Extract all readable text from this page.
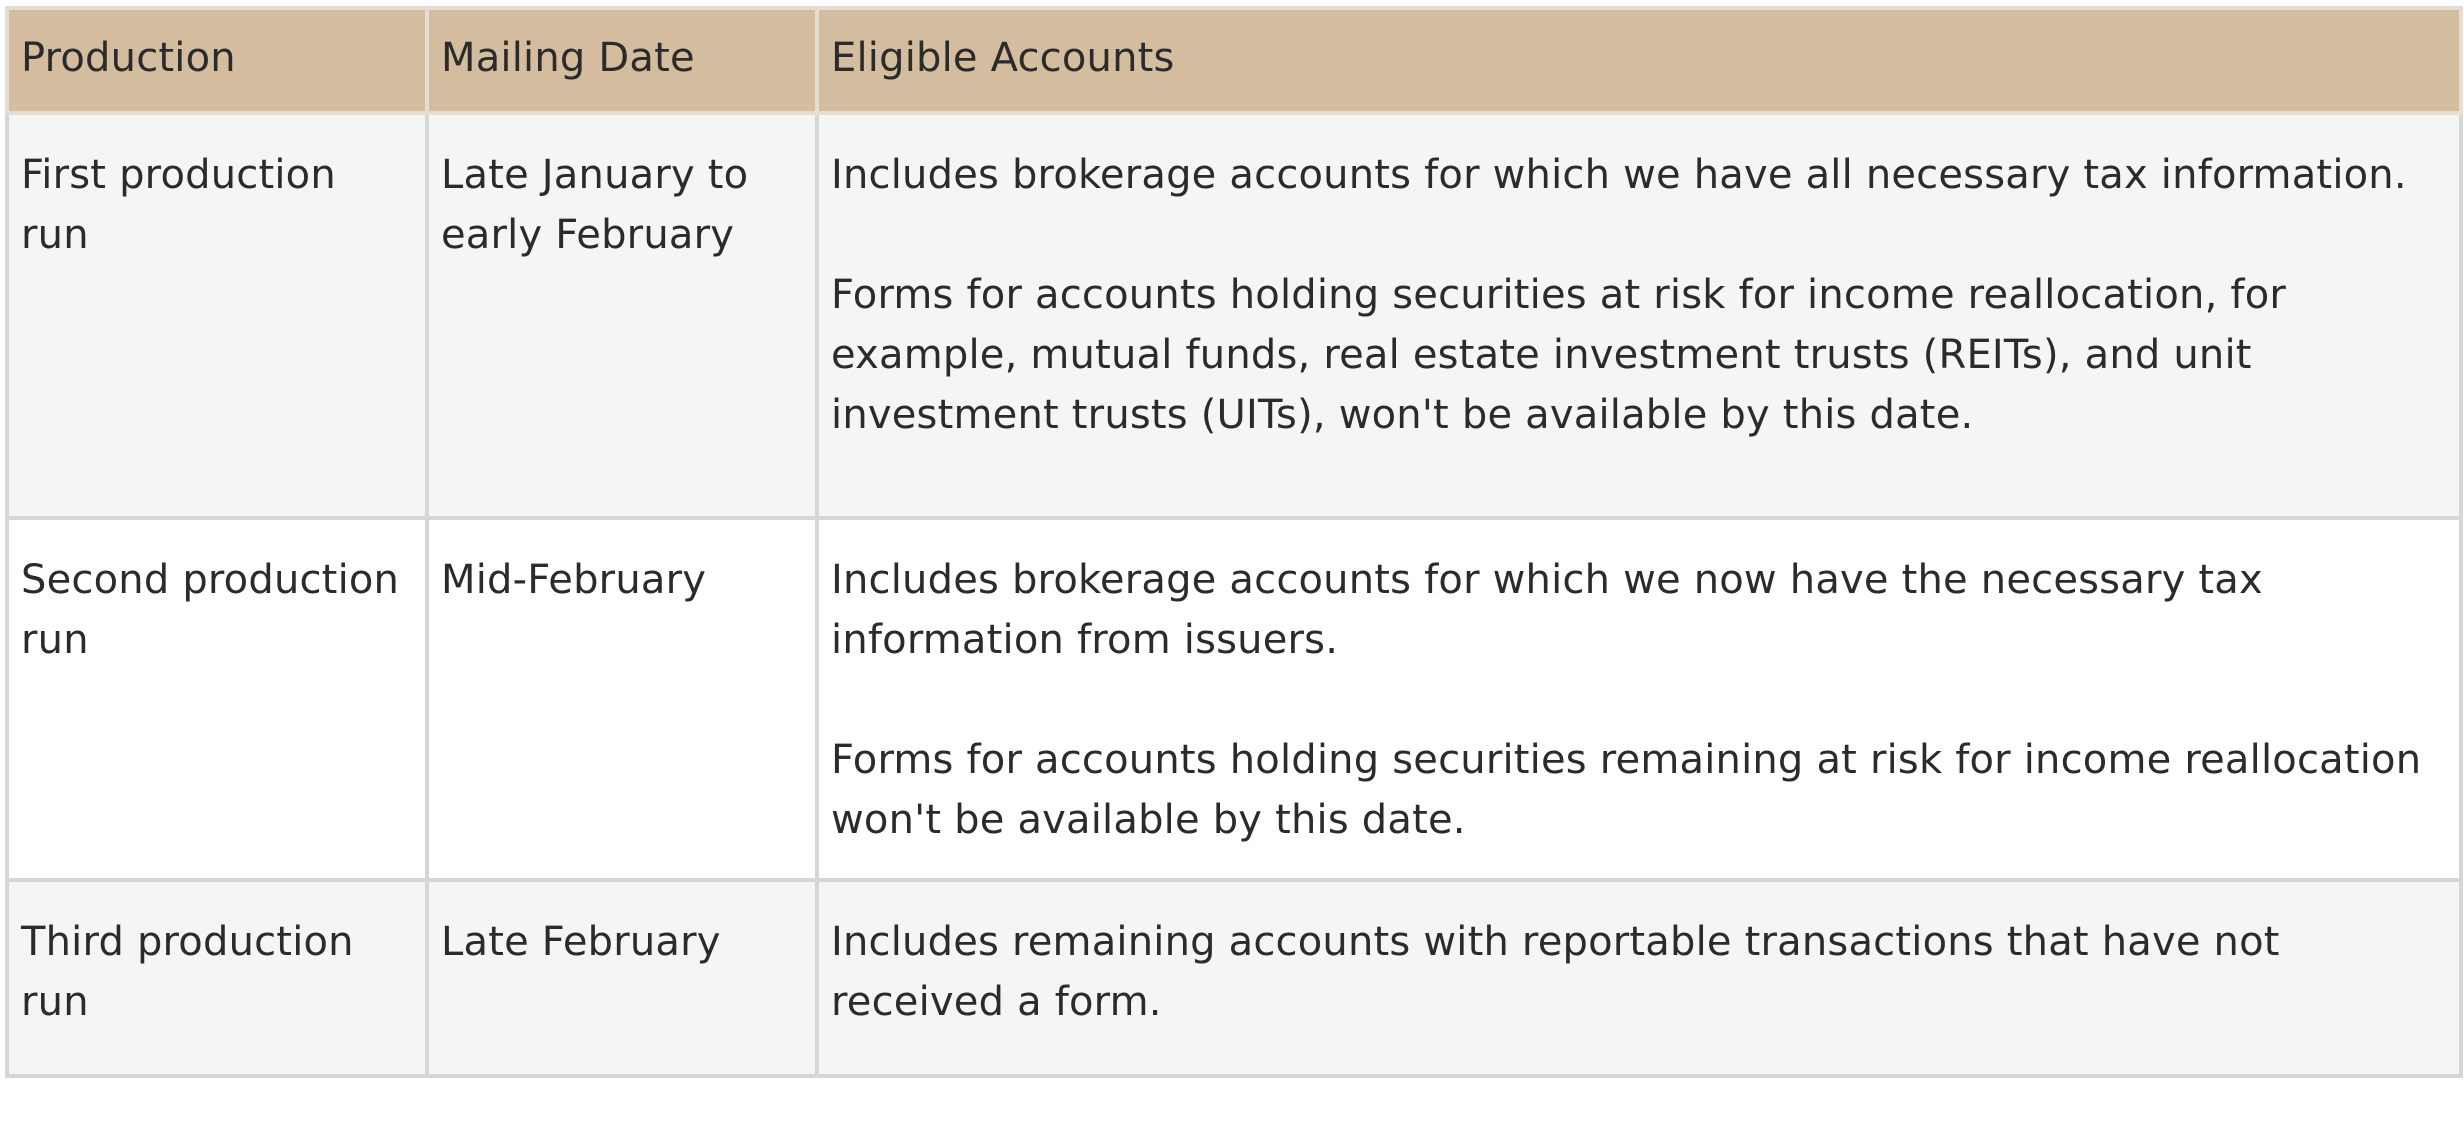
Production	Mailing Date	Eligible Accounts
First production run	Late January to early February	Includes brokerage accounts for which we have all necessary tax information.

Forms for accounts holding securities at risk for income reallocation, for example, mutual funds, real estate investment trusts (REITs), and unit investment trusts (UITs), won't be available by this date.

Second production run	Mid-February	Includes brokerage accounts for which we now have the necessary tax information from issuers.

Forms for accounts holding securities remaining at risk for income reallocation won't be available by this date.

Third production run	Late February	Includes remaining accounts with reportable transactions that have not received a form.
